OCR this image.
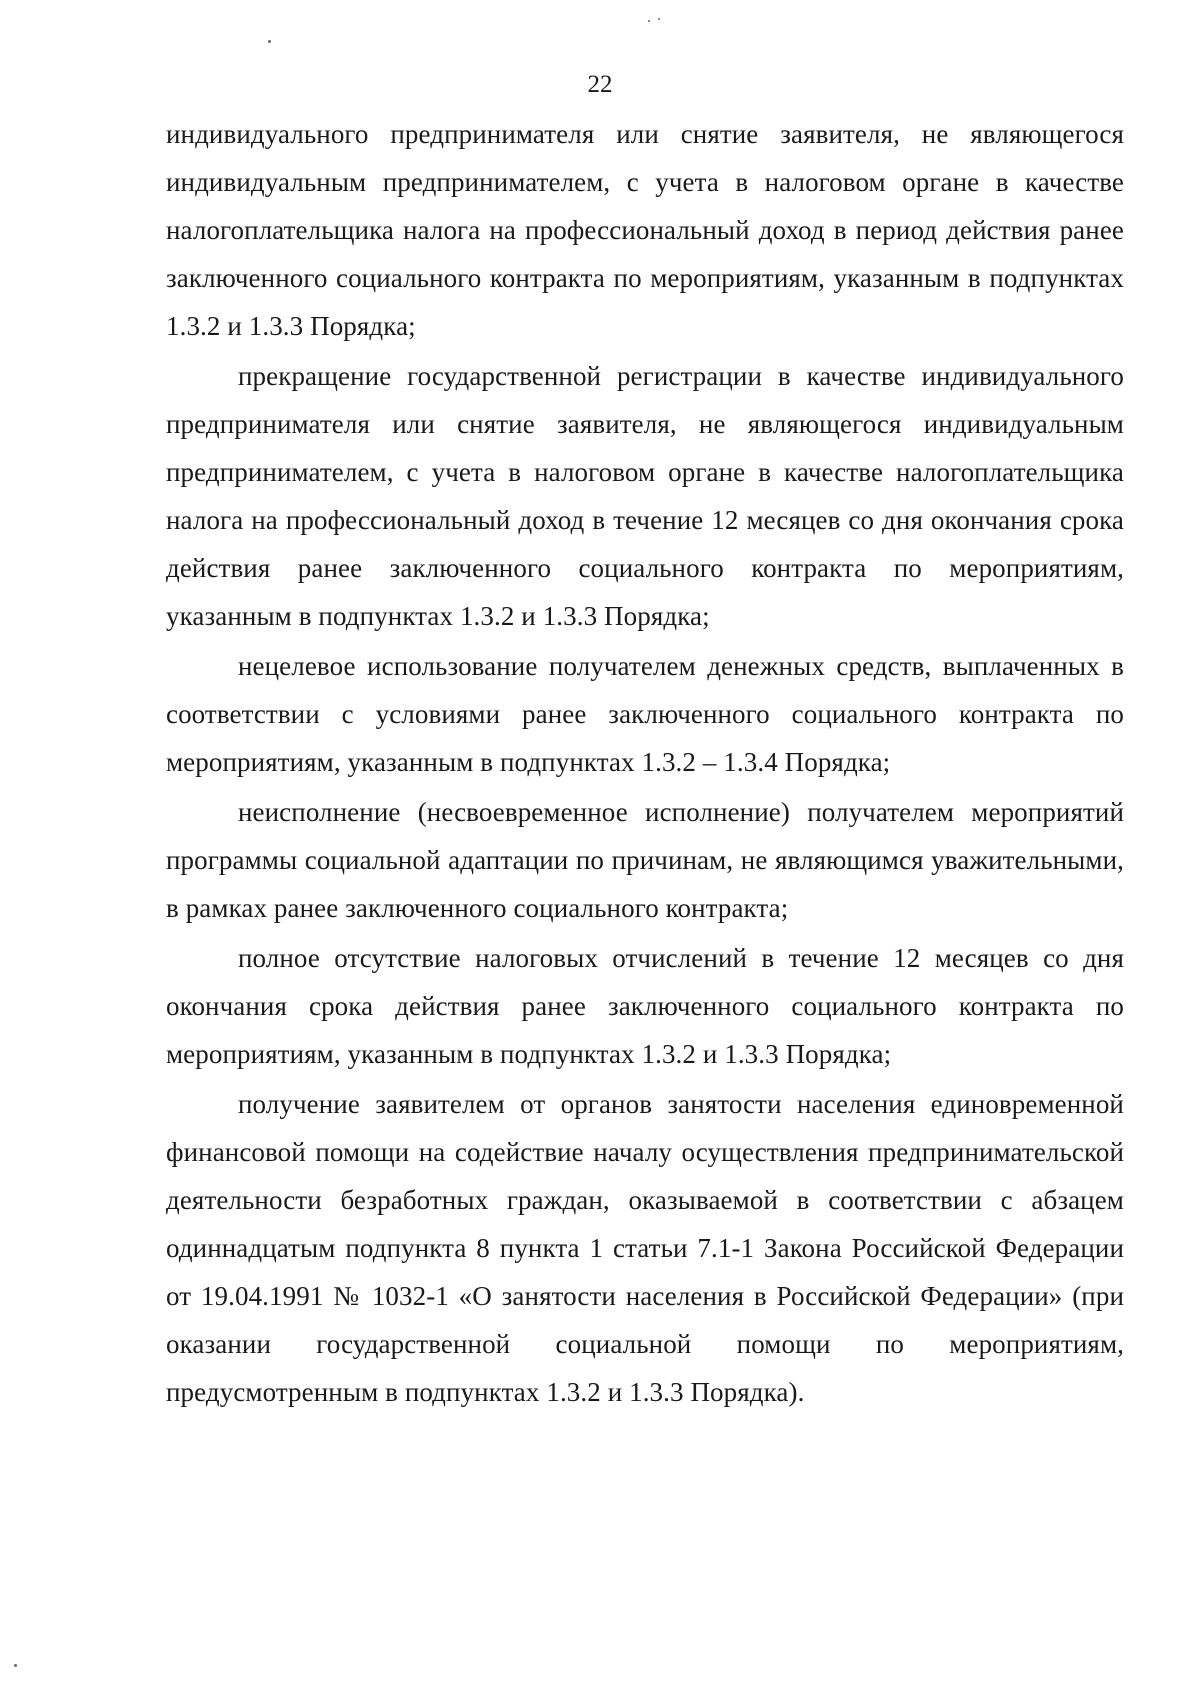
22

индивидуального предпринимателя или снятие заявителя, не являющегося индивидуальным предпринимателем, с учета в налоговом органе в качестве налогоплательщика налога на профессиональный доход в период действия ранее заключенного социального контракта по мероприятиям, указанным в подпунктах 1.3.2 и 1.3.3 Порядка;

прекращение государственной регистрации в качестве индивидуального предпринимателя или снятие заявителя, не являющегося индивидуальным предпринимателем, с учета в налоговом органе в качестве налогоплательщика налога на профессиональный доход в течение 12 месяцев со дня окончания срока действия ранее заключенного социального контракта по мероприятиям, указанным в подпунктах 1.3.2 и 1.3.3 Порядка;

нецелевое использование получателем денежных средств, выплаченных в соответствии с условиями ранее заключенного социального контракта по мероприятиям, указанным в подпунктах 1.3.2 – 1.3.4 Порядка;

неисполнение (несвоевременное исполнение) получателем мероприятий программы социальной адаптации по причинам, не являющимся уважительными, в рамках ранее заключенного социального контракта;

полное отсутствие налоговых отчислений в течение 12 месяцев со дня окончания срока действия ранее заключенного социального контракта по мероприятиям, указанным в подпунктах 1.3.2 и 1.3.3 Порядка;

получение заявителем от органов занятости населения единовременной финансовой помощи на содействие началу осуществления предпринимательской деятельности безработных граждан, оказываемой в соответствии с абзацем одиннадцатым подпункта 8 пункта 1 статьи 7.1-1 Закона Российской Федерации от 19.04.1991 № 1032-1 «О занятости населения в Российской Федерации» (при оказании государственной социальной помощи по мероприятиям, предусмотренным в подпунктах 1.3.2 и 1.3.3 Порядка).
